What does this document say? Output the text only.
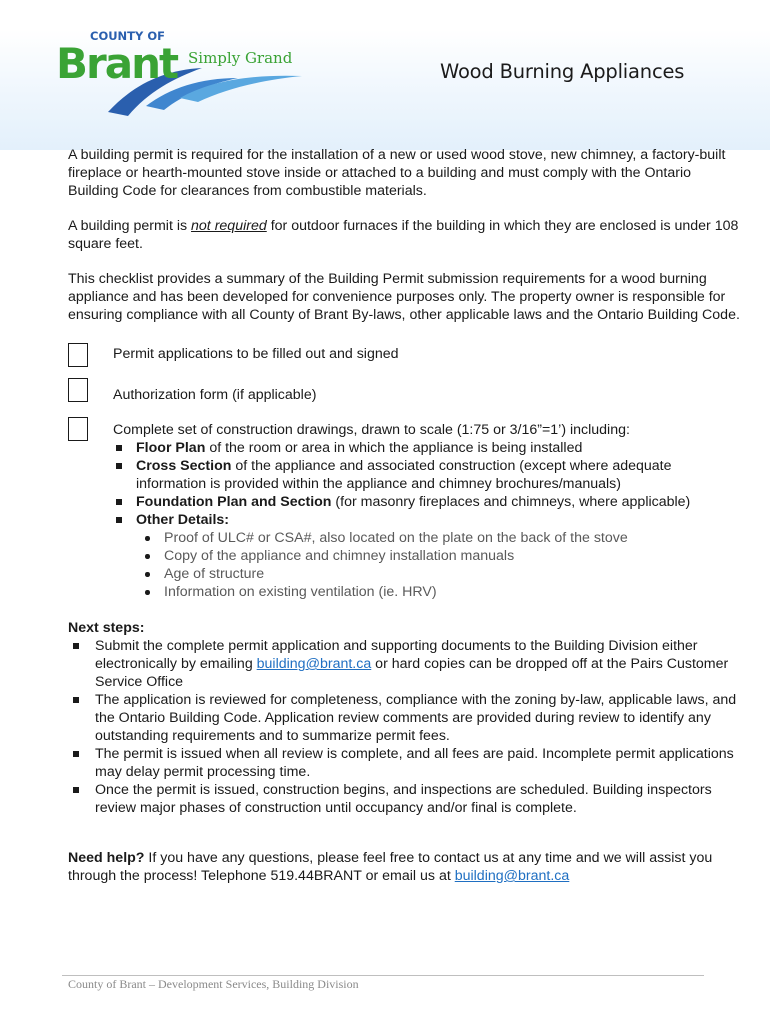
COUNTY OF
Brant Simply Grand
Wood Burning Appliances

A building permit is required for the installation of a new or used wood stove, new chimney, a factory-built fireplace or hearth-mounted stove inside or attached to a building and must comply with the Ontario Building Code for clearances from combustible materials.

A building permit is not required for outdoor furnaces if the building in which they are enclosed is under 108 square feet.

This checklist provides a summary of the Building Permit submission requirements for a wood burning appliance and has been developed for convenience purposes only. The property owner is responsible for ensuring compliance with all County of Brant By-laws, other applicable laws and the Ontario Building Code.

Permit applications to be filled out and signed

Authorization form (if applicable)

Complete set of construction drawings, drawn to scale (1:75 or 3/16”=1’) including:

Floor Plan of the room or area in which the appliance is being installed
Cross Section of the appliance and associated construction (except where adequate information is provided within the appliance and chimney brochures/manuals)
Foundation Plan and Section (for masonry fireplaces and chimneys, where applicable)
Other Details:
Proof of ULC# or CSA#, also located on the plate on the back of the stove
Copy of the appliance and chimney installation manuals
Age of structure
Information on existing ventilation (ie. HRV)

Next steps:

Submit the complete permit application and supporting documents to the Building Division either electronically by emailing building@brant.ca or hard copies can be dropped off at the Pairs Customer Service Office
The application is reviewed for completeness, compliance with the zoning by-law, applicable laws, and the Ontario Building Code. Application review comments are provided during review to identify any outstanding requirements and to summarize permit fees.
The permit is issued when all review is complete, and all fees are paid. Incomplete permit applications may delay permit processing time.
Once the permit is issued, construction begins, and inspections are scheduled. Building inspectors review major phases of construction until occupancy and/or final is complete.

Need help? If you have any questions, please feel free to contact us at any time and we will assist you through the process! Telephone 519.44BRANT or email us at building@brant.ca

County of Brant – Development Services, Building Division
